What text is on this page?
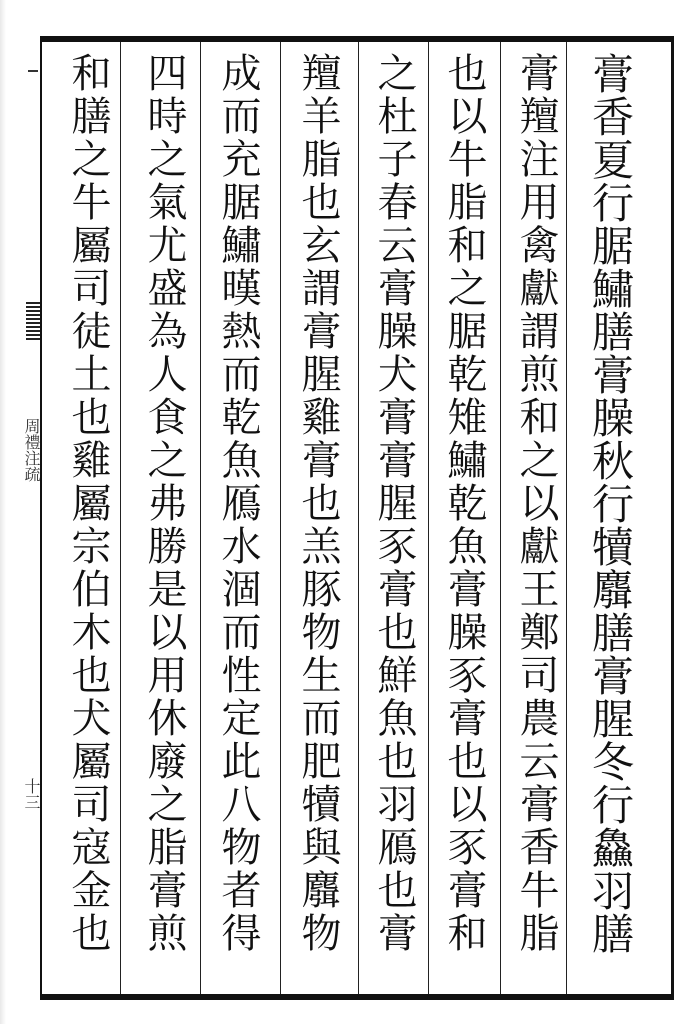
周禮注疏
十三	膏香夏行腒鱐膳膏臊秋行犢麛膳膏腥冬行鱻羽膳
膏羶注用禽獻謂煎和之以獻王鄭司農云膏香牛脂
也以牛脂和之腒乾雉鱐乾魚膏臊豕膏也以豕膏和
之杜子春云膏臊犬膏膏腥豕膏也鮮魚也羽鴈也膏
羶羊脂也玄謂膏腥雞膏也羔豚物生而肥犢與麛物
成而充腒鱐暵熱而乾魚鴈水涸而性定此八物者得
四時之氣尤盛為人食之弗勝是以用休廢之脂膏煎
和膳之牛屬司徒土也雞屬宗伯木也犬屬司寇金也
